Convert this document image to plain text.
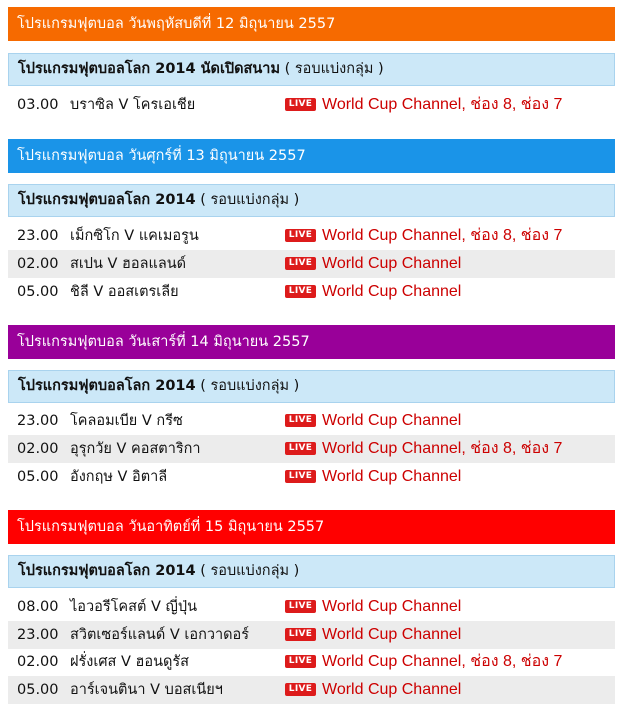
โปรแกรมฟุตบอล วันพฤหัสบดีที่ 12 มิถุนายน 2557
โปรแกรมฟุตบอลโลก 2014 นัดเปิดสนาม ( รอบแบ่งกลุ่ม )
03.00 บราซิล V โครเอเชีย	LIVE World Cup Channel, ช่อง 8, ช่อง 7
โปรแกรมฟุตบอล วันศุกร์ที่ 13 มิถุนายน 2557
โปรแกรมฟุตบอลโลก 2014 ( รอบแบ่งกลุ่ม )
23.00 เม็กซิโก V แคเมอรูน	LIVE World Cup Channel, ช่อง 8, ช่อง 7
02.00 สเปน V ฮอลแลนด์	LIVE World Cup Channel
05.00 ชิลี V ออสเตรเลีย	LIVE World Cup Channel
โปรแกรมฟุตบอล วันเสาร์ที่ 14 มิถุนายน 2557
โปรแกรมฟุตบอลโลก 2014 ( รอบแบ่งกลุ่ม )
23.00 โคลอมเบีย V กรีซ	LIVE World Cup Channel
02.00 อุรุกวัย V คอสตาริกา	LIVE World Cup Channel, ช่อง 8, ช่อง 7
05.00 อังกฤษ V อิตาลี	LIVE World Cup Channel
โปรแกรมฟุตบอล วันอาทิตย์ที่ 15 มิถุนายน 2557
โปรแกรมฟุตบอลโลก 2014 ( รอบแบ่งกลุ่ม )
08.00 ไอวอรีโคสต์ V ญี่ปุ่น	LIVE World Cup Channel
23.00 สวิตเซอร์แลนด์ V เอกวาดอร์	LIVE World Cup Channel
02.00 ฝรั่งเศส V ฮอนดูรัส	LIVE World Cup Channel, ช่อง 8, ช่อง 7
05.00 อาร์เจนตินา V บอสเนียฯ	LIVE World Cup Channel
